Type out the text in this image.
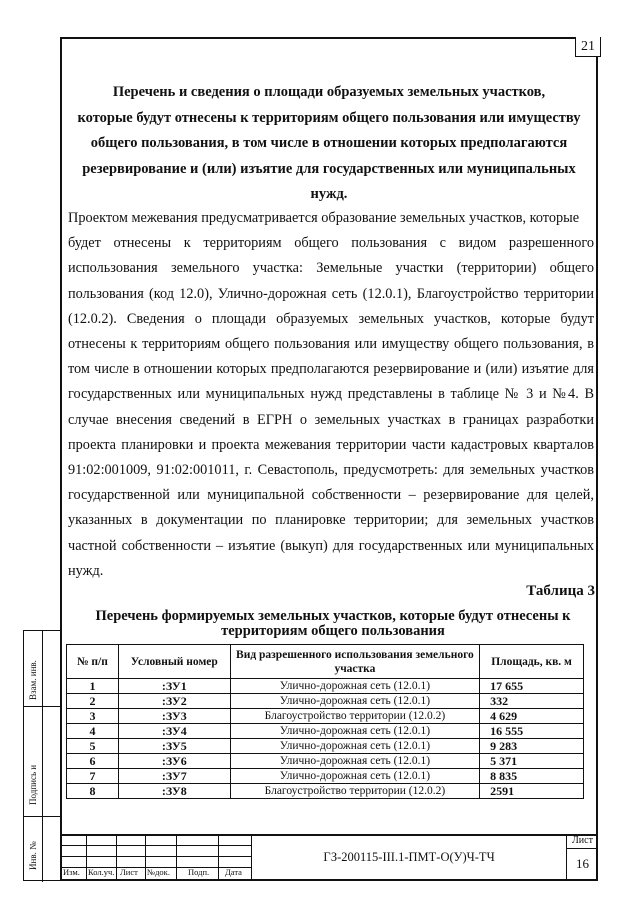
21
Перечень и сведения о площади образуемых земельных участков,
которые будут отнесены к территориям общего пользования или имуществу
общего пользования, в том числе в отношении которых предполагаются
резервирование и (или) изъятие для государственных или муниципальных
нужд.
Проектом межевания предусматривается образование земельных участков, которые
будет отнесены к территориям общего пользования с видом разрешенного
использования земельного участка: Земельные участки (территории) общего
пользования (код 12.0), Улично-дорожная сеть (12.0.1), Благоустройство территории
(12.0.2). Сведения о площади образуемых земельных участков, которые будут
отнесены к территориям общего пользования или имуществу общего пользования, в
том числе в отношении которых предполагаются резервирование и (или) изъятие для
государственных или муниципальных нужд представлены в таблице № 3 и №4. В
случае внесения сведений в ЕГРН о земельных участках в границах разработки
проекта планировки и проекта межевания территории части кадастровых кварталов
91:02:001009, 91:02:001011, г. Севастополь, предусмотреть: для земельных участков
государственной или муниципальной собственности – резервирование для целей,
указанных в документации по планировке территории; для земельных участков
частной собственности – изъятие (выкуп) для государственных или муниципальных
нужд.
Таблица 3
Перечень формируемых земельных участков, которые будут отнесены к
территориям общего пользования
№ п/п	Условный номер	Вид разрешенного использования земельного участка	Площадь, кв. м
1	:ЗУ1	Улично-дорожная сеть (12.0.1)	17 655
2	:ЗУ2	Улично-дорожная сеть (12.0.1)	332
3	:ЗУ3	Благоустройство территории (12.0.2)	4 629
4	:ЗУ4	Улично-дорожная сеть (12.0.1)	16 555
5	:ЗУ5	Улично-дорожная сеть (12.0.1)	9 283
6	:ЗУ6	Улично-дорожная сеть (12.0.1)	5 371
7	:ЗУ7	Улично-дорожная сеть (12.0.1)	8 835
8	:ЗУ8	Благоустройство территории (12.0.2)	2591
Взам. инв.
Подпись и
Инв. №
Изм. Кол.уч. Лист №док. Подп. Дата
ГЗ-200115-III.1-ПМТ-О(У)Ч-ТЧ
Лист
16
